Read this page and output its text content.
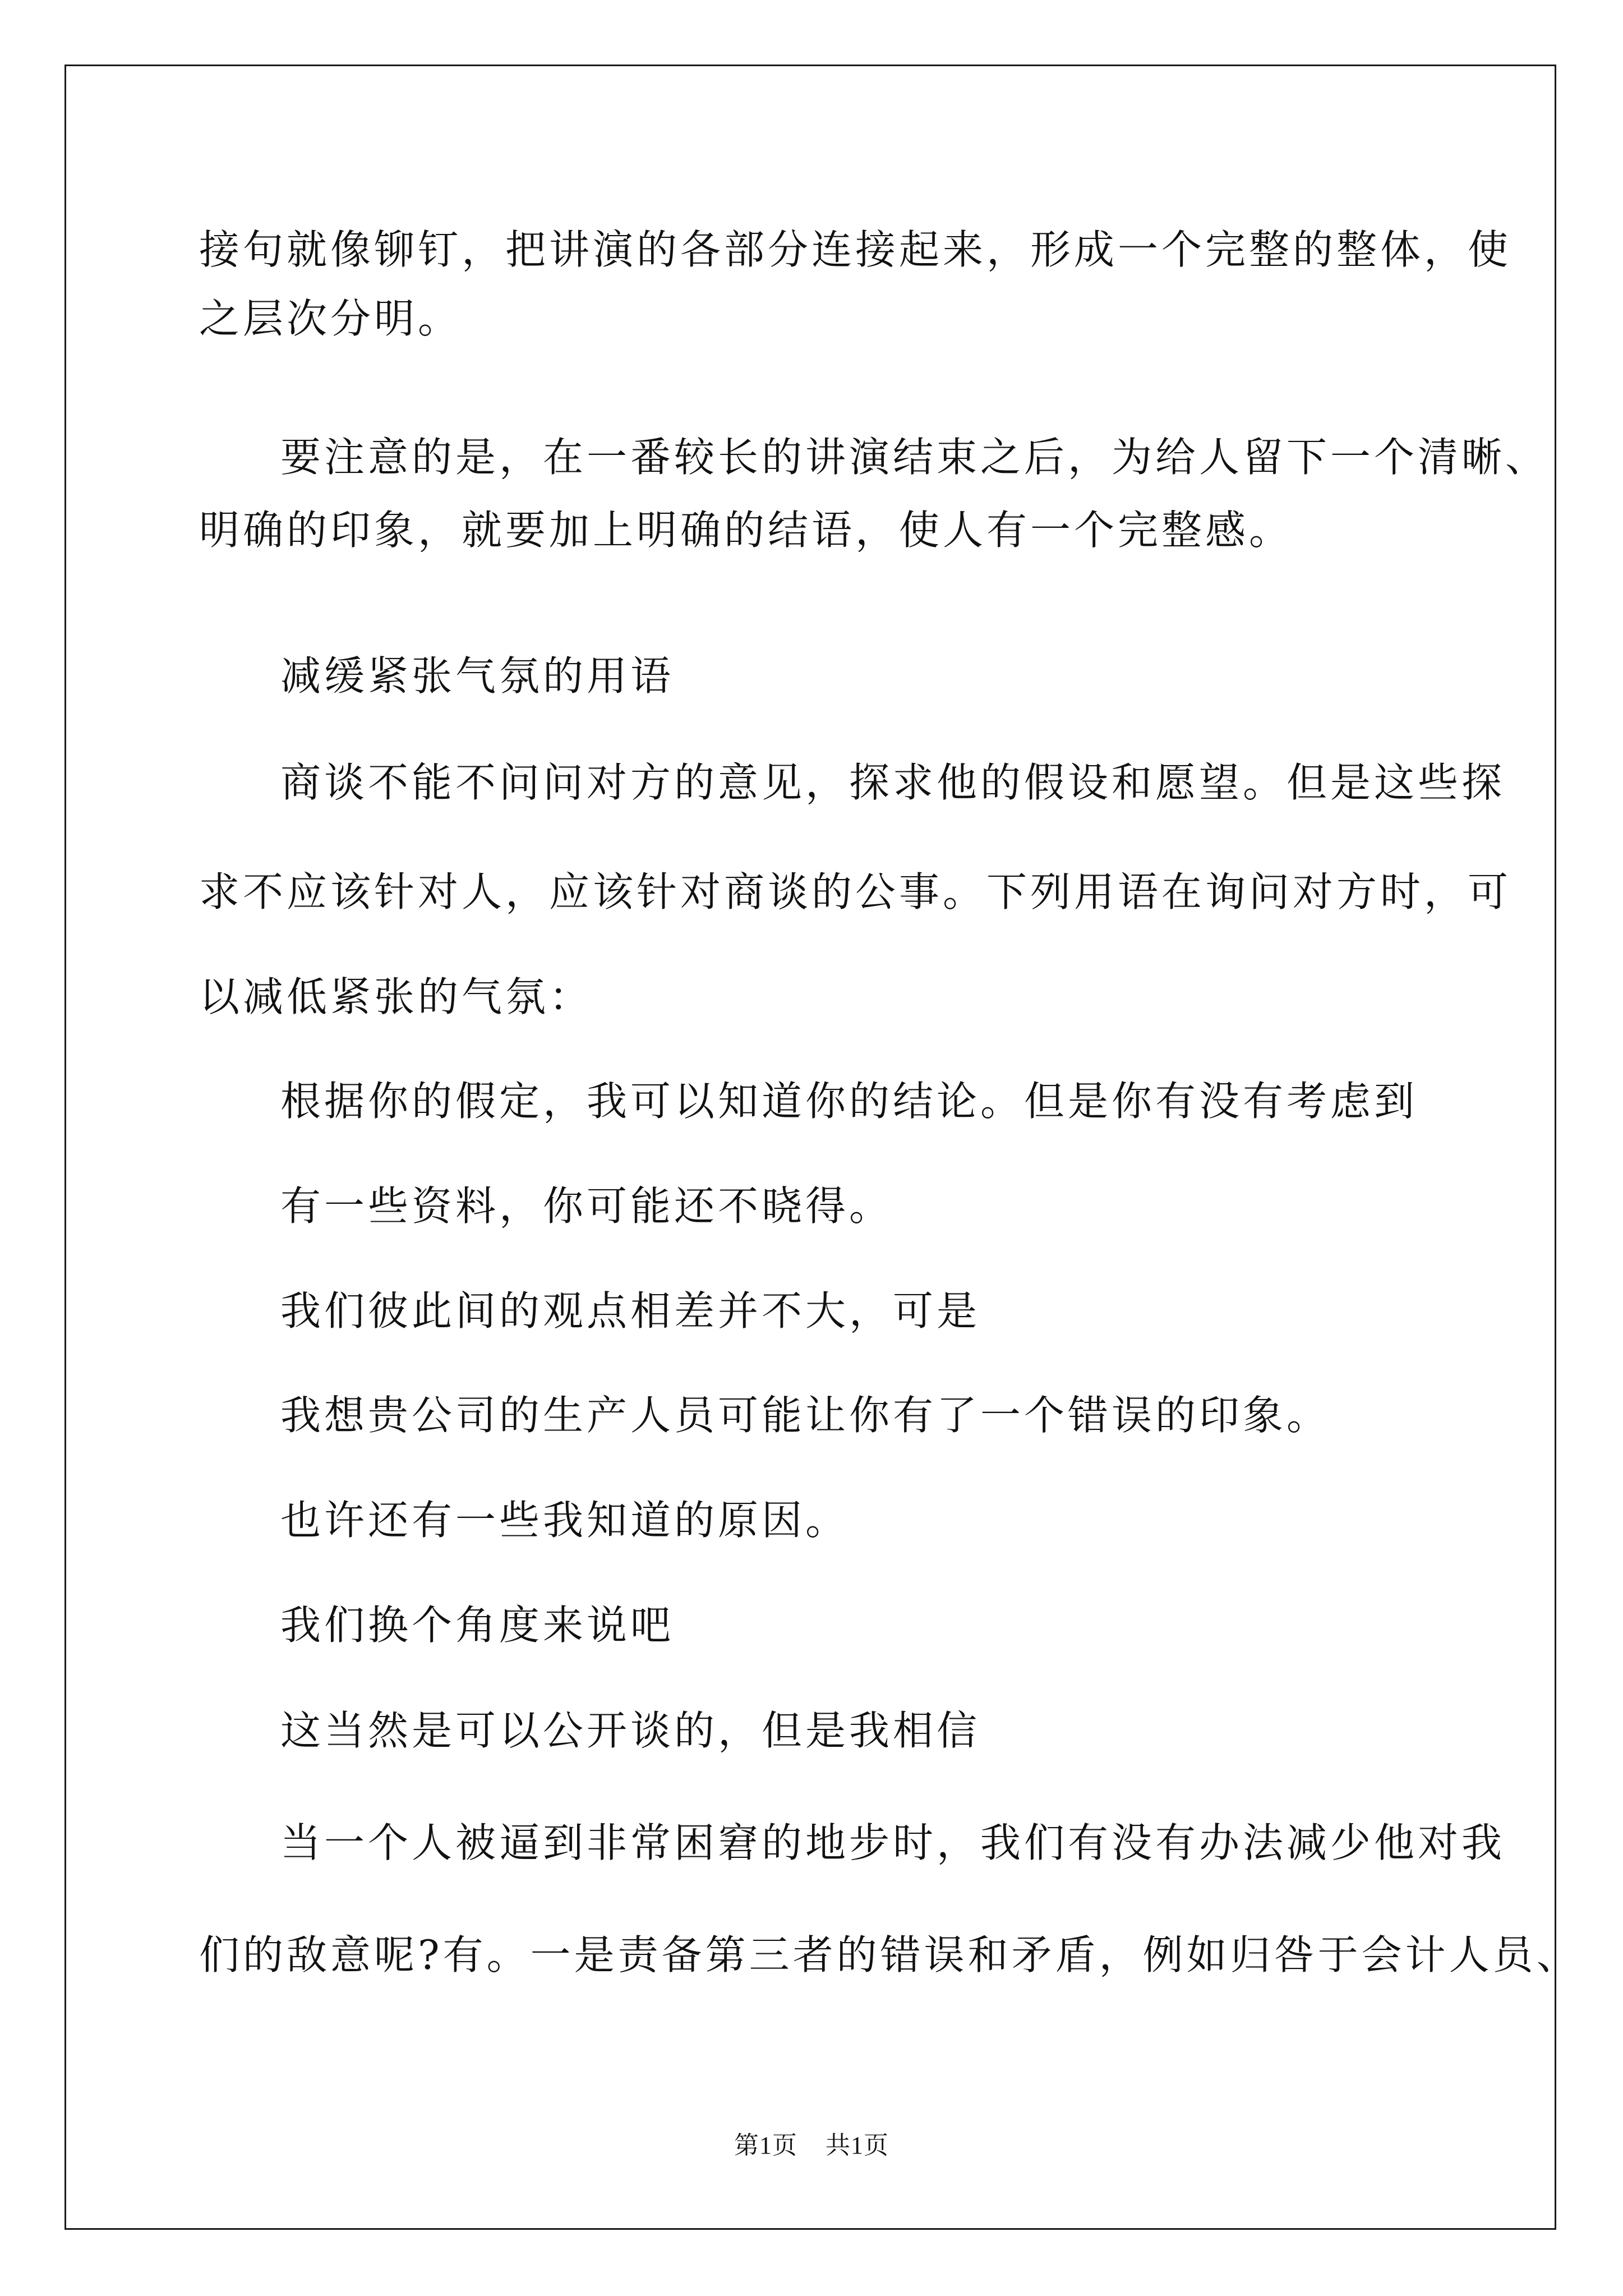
接句就像铆钉，把讲演的各部分连接起来，形成一个完整的整体，使
之层次分明。
要注意的是，在一番较长的讲演结束之后，为给人留下一个清晰、
明确的印象，就要加上明确的结语，使人有一个完整感。
减缓紧张气氛的用语
商谈不能不问问对方的意见，探求他的假设和愿望。但是这些探
求不应该针对人，应该针对商谈的公事。下列用语在询问对方时，可
以减低紧张的气氛：
根据你的假定，我可以知道你的结论。但是你有没有考虑到
有一些资料，你可能还不晓得。
我们彼此间的观点相差并不大，可是
我想贵公司的生产人员可能让你有了一个错误的印象。
也许还有一些我知道的原因。
我们换个角度来说吧
这当然是可以公开谈的，但是我相信
当一个人被逼到非常困窘的地步时，我们有没有办法减少他对我
们的敌意呢?有。一是责备第三者的错误和矛盾，例如归咎于会计人员、
第1页 共1页
